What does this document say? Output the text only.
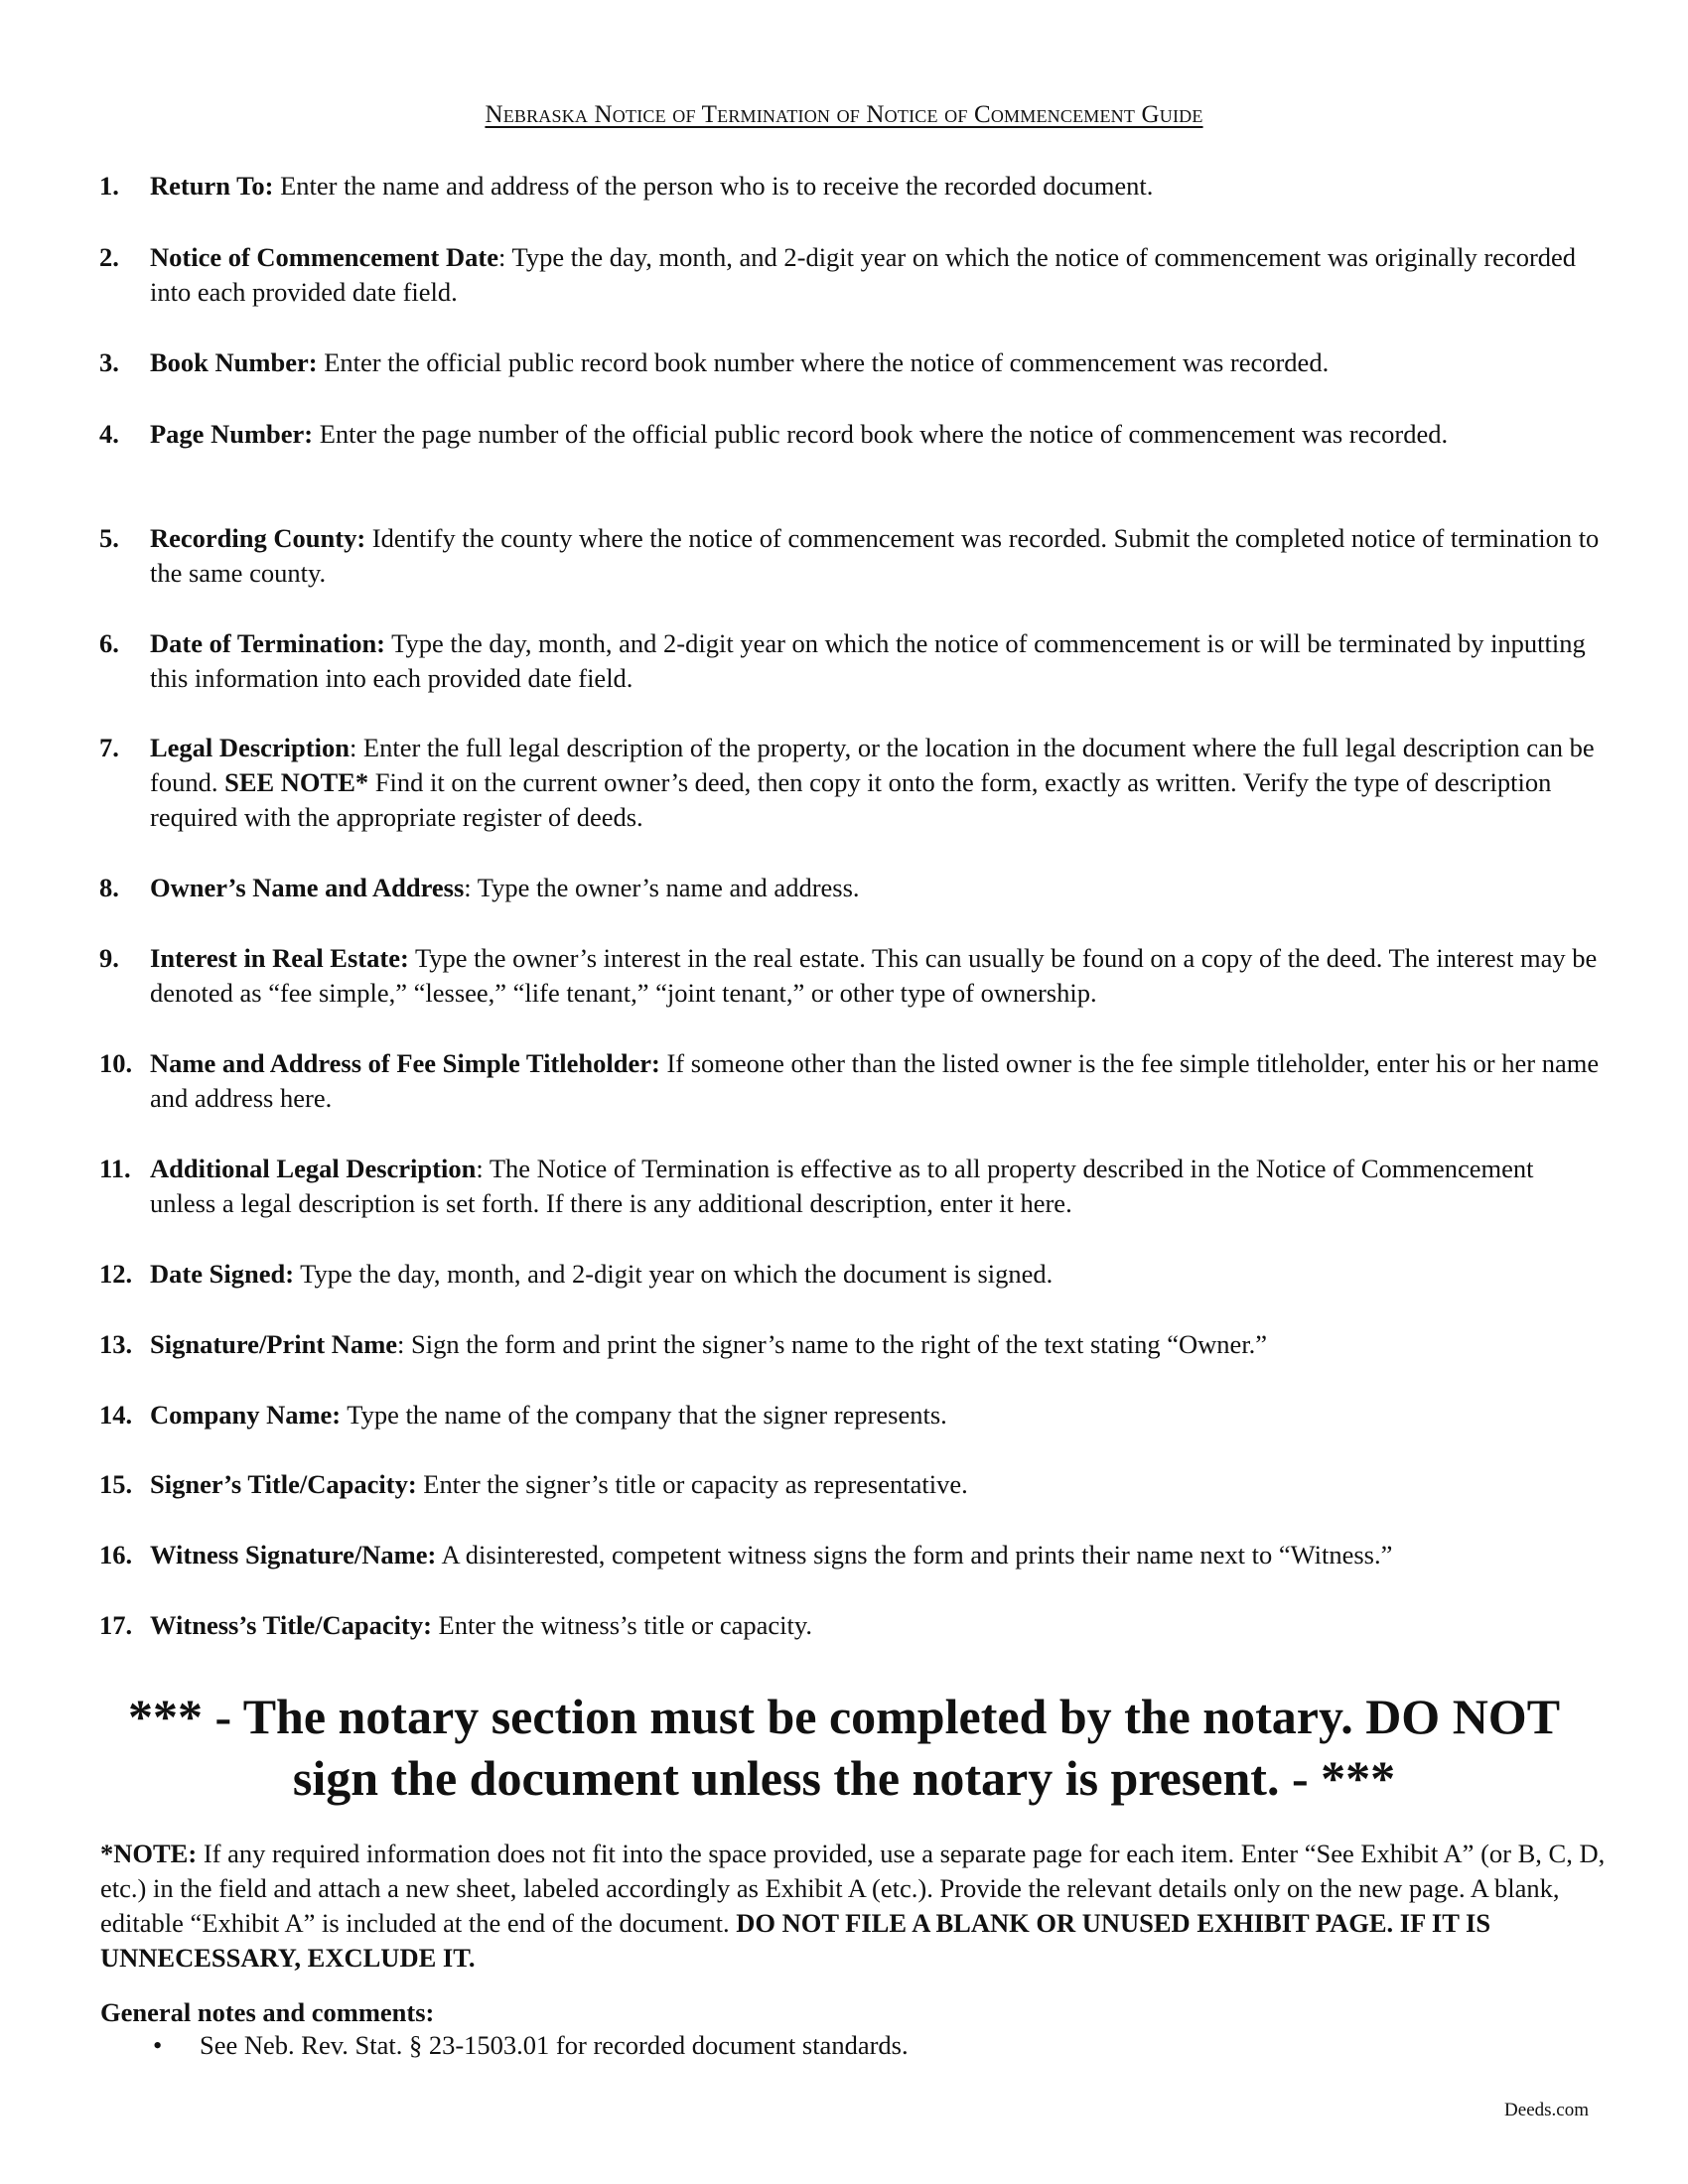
Nebraska Notice of Termination of Notice of Commencement Guide
1.	Return To: Enter the name and address of the person who is to receive the recorded document.
2.	Notice of Commencement Date: Type the day, month, and 2-digit year on which the notice of commencement was originally recorded into each provided date field.
3.	Book Number: Enter the official public record book number where the notice of commencement was recorded.
4.	Page Number: Enter the page number of the official public record book where the notice of commencement was recorded.
5.	Recording County: Identify the county where the notice of commencement was recorded. Submit the completed notice of termination to the same county.
6.	Date of Termination: Type the day, month, and 2-digit year on which the notice of commencement is or will be terminated by inputting this information into each provided date field.
7.	Legal Description: Enter the full legal description of the property, or the location in the document where the full legal description can be found. SEE NOTE* Find it on the current owner’s deed, then copy it onto the form, exactly as written. Verify the type of description required with the appropriate register of deeds.
8.	Owner’s Name and Address: Type the owner’s name and address.
9.	Interest in Real Estate: Type the owner’s interest in the real estate. This can usually be found on a copy of the deed. The interest may be denoted as “fee simple,” “lessee,” “life tenant,” “joint tenant,” or other type of ownership.
10. Name and Address of Fee Simple Titleholder: If someone other than the listed owner is the fee simple titleholder, enter his or her name and address here.
11. Additional Legal Description: The Notice of Termination is effective as to all property described in the Notice of Commencement unless a legal description is set forth. If there is any additional description, enter it here.
12. Date Signed: Type the day, month, and 2-digit year on which the document is signed.
13. Signature/Print Name: Sign the form and print the signer’s name to the right of the text stating “Owner.”
14. Company Name: Type the name of the company that the signer represents.
15. Signer’s Title/Capacity: Enter the signer’s title or capacity as representative.
16. Witness Signature/Name: A disinterested, competent witness signs the form and prints their name next to “Witness.”
17. Witness’s Title/Capacity: Enter the witness’s title or capacity.
*** - The notary section must be completed by the notary. DO NOT
sign the document unless the notary is present. - ***
*NOTE: If any required information does not fit into the space provided, use a separate page for each item. Enter “See Exhibit A” (or B, C, D, etc.) in the field and attach a new sheet, labeled accordingly as Exhibit A (etc.). Provide the relevant details only on the new page. A blank, editable “Exhibit A” is included at the end of the document. DO NOT FILE A BLANK OR UNUSED EXHIBIT PAGE. IF IT IS UNNECESSARY, EXCLUDE IT.
General notes and comments:
•	See Neb. Rev. Stat. § 23-1503.01 for recorded document standards.
Deeds.com
